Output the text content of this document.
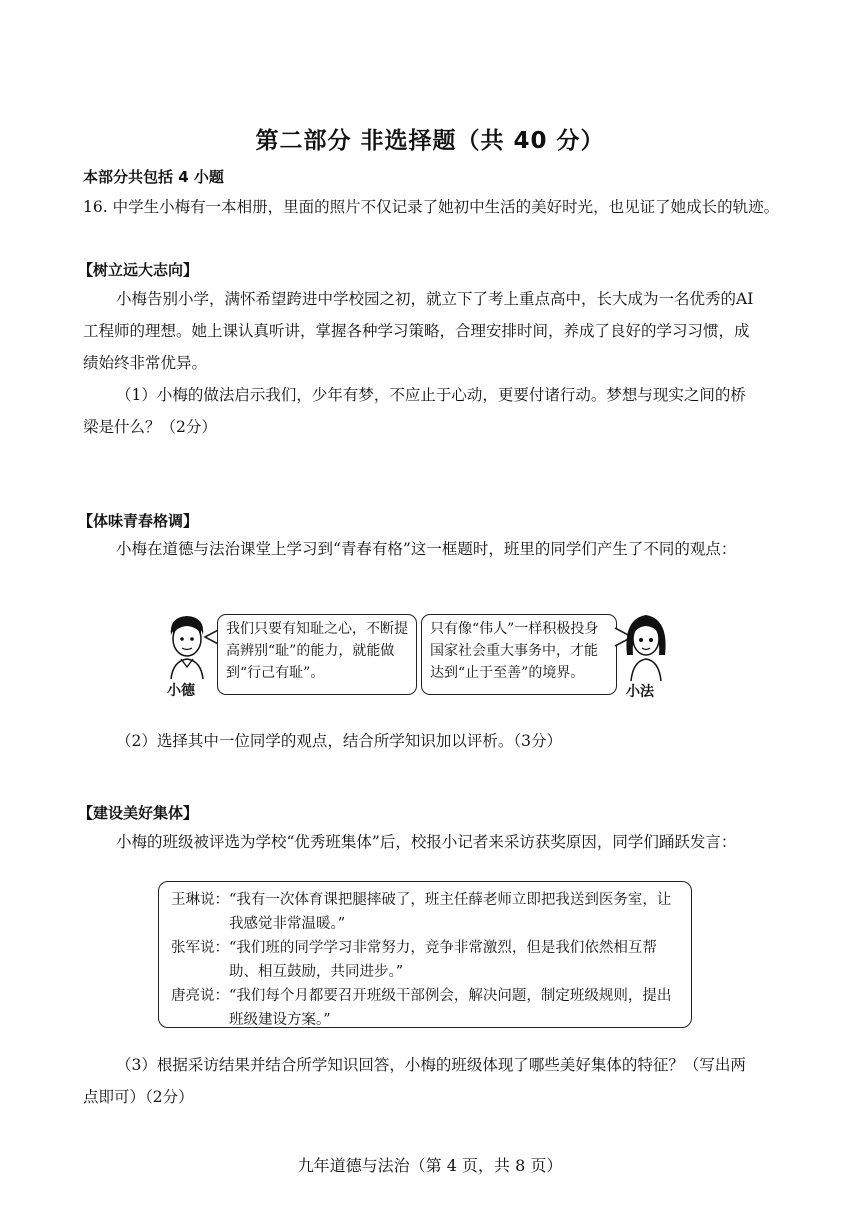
第二部分 非选择题（共 40 分）
本部分共包括 4 小题
16. 中学生小梅有一本相册，里面的照片不仅记录了她初中生活的美好时光，也见证了她成长的轨迹。
【树立远大志向】
小梅告别小学，满怀希望跨进中学校园之初，就立下了考上重点高中，长大成为一名优秀的AI工程师的理想。她上课认真听讲，掌握各种学习策略，合理安排时间，养成了良好的学习习惯，成绩始终非常优异。
（1）小梅的做法启示我们，少年有梦，不应止于心动，更要付诸行动。梦想与现实之间的桥梁是什么？（2分）
【体味青春格调】
小梅在道德与法治课堂上学习到“青春有格”这一框题时，班里的同学们产生了不同的观点：
小德
我们只要有知耻之心，不断提高辨别“耻”的能力，就能做到“行己有耻”。
只有像“伟人”一样积极投身国家社会重大事务中，才能达到“止于至善”的境界。
小法
（2）选择其中一位同学的观点，结合所学知识加以评析。（3分）
【建设美好集体】
小梅的班级被评选为学校“优秀班集体”后，校报小记者来采访获奖原因，同学们踊跃发言：
王琳说： “我有一次体育课把腿摔破了，班主任薛老师立即把我送到医务室，让我感觉非常温暖。”
张军说： “我们班的同学学习非常努力，竞争非常激烈，但是我们依然相互帮助、相互鼓励，共同进步。”
唐亮说： “我们每个月都要召开班级干部例会，解决问题，制定班级规则，提出班级建设方案。”
（3）根据采访结果并结合所学知识回答，小梅的班级体现了哪些美好集体的特征？（写出两点即可）（2分）
九年道德与法治（第 4 页，共 8 页）
